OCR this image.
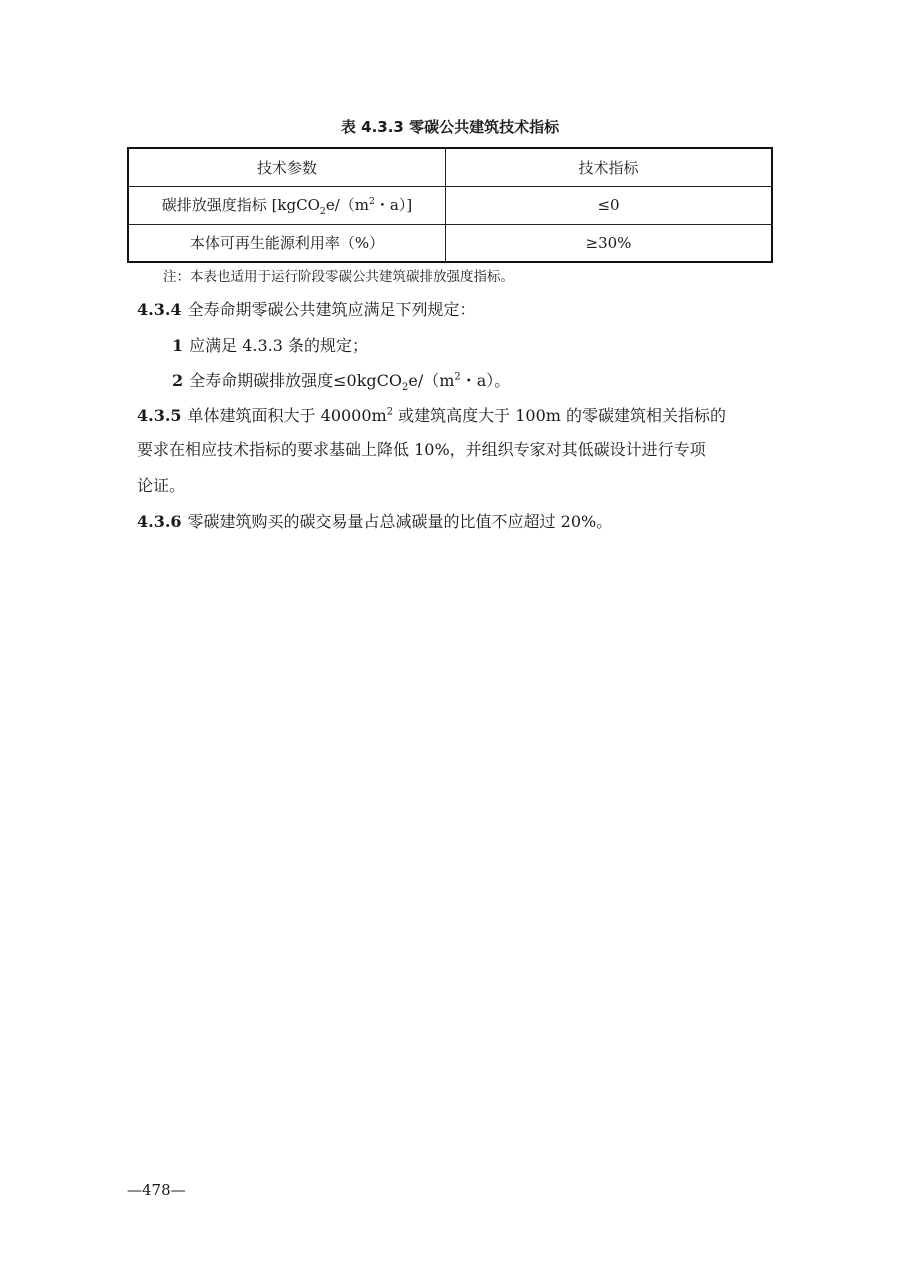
表 4.3.3 零碳公共建筑技术指标
技术参数	技术指标
碳排放强度指标 [$kgCO_2e/(m^2$・a）]	≤0
本体可再生能源利用率（%）	≥30%
注：本表也适用于运行阶段零碳公共建筑碳排放强度指标。
4.3.4 全寿命期零碳公共建筑应满足下列规定：
1 应满足 4.3.3 条的规定；
2 全寿命期碳排放强度$\le 0kgCO_2e/(m^2$・a）。
4.3.5 单体建筑面积大于 $40000m^2$ 或建筑高度大于 100m 的零碳建筑相关指标的
要求在相应技术指标的要求基础上降低 10%，并组织专家对其低碳设计进行专项
论证。
4.3.6 零碳建筑购买的碳交易量占总减碳量的比值不应超过 20%。
—478—
